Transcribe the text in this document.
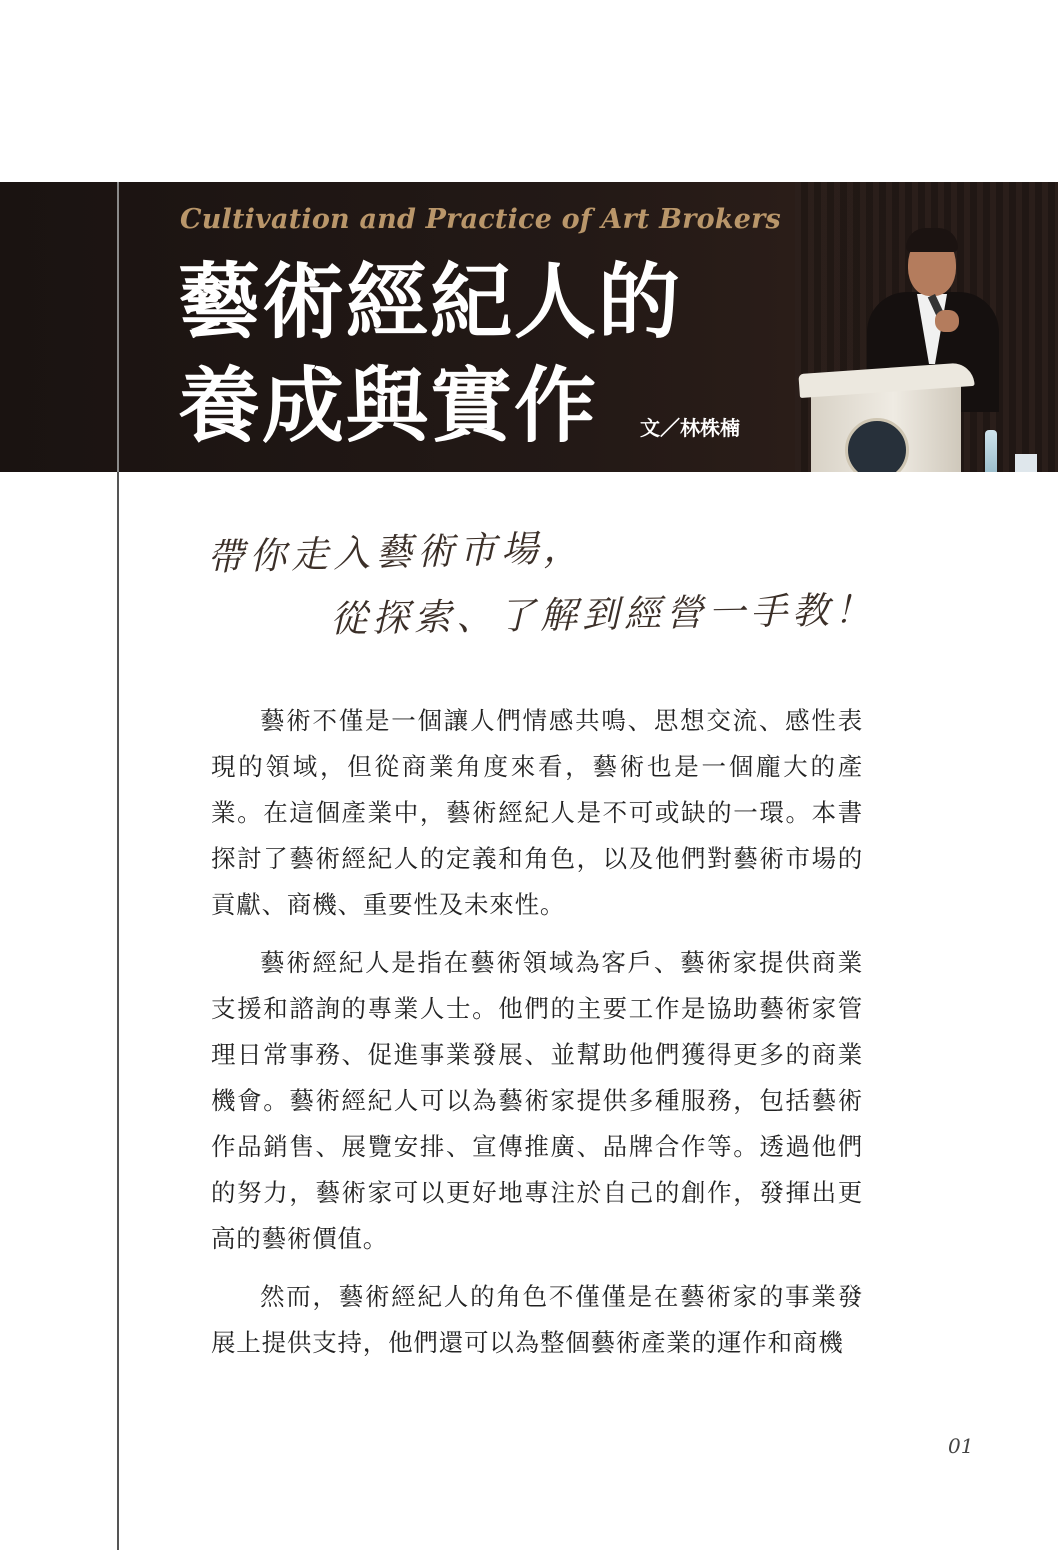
Cultivation and Practice of Art Brokers
藝術經紀人的
養成與實作 文／林株楠
帶你走入藝術市場，
從探索、了解到經營一手教！

藝術不僅是一個讓人們情感共鳴、思想交流、感性表現的領域，但從商業角度來看，藝術也是一個龐大的產業。在這個產業中，藝術經紀人是不可或缺的一環。本書探討了藝術經紀人的定義和角色，以及他們對藝術市場的貢獻、商機、重要性及未來性。

藝術經紀人是指在藝術領域為客戶、藝術家提供商業支援和諮詢的專業人士。他們的主要工作是協助藝術家管理日常事務、促進事業發展、並幫助他們獲得更多的商業機會。藝術經紀人可以為藝術家提供多種服務，包括藝術作品銷售、展覽安排、宣傳推廣、品牌合作等。透過他們的努力，藝術家可以更好地專注於自己的創作，發揮出更高的藝術價值。

然而，藝術經紀人的角色不僅僅是在藝術家的事業發展上提供支持，他們還可以為整個藝術產業的運作和商機

01
